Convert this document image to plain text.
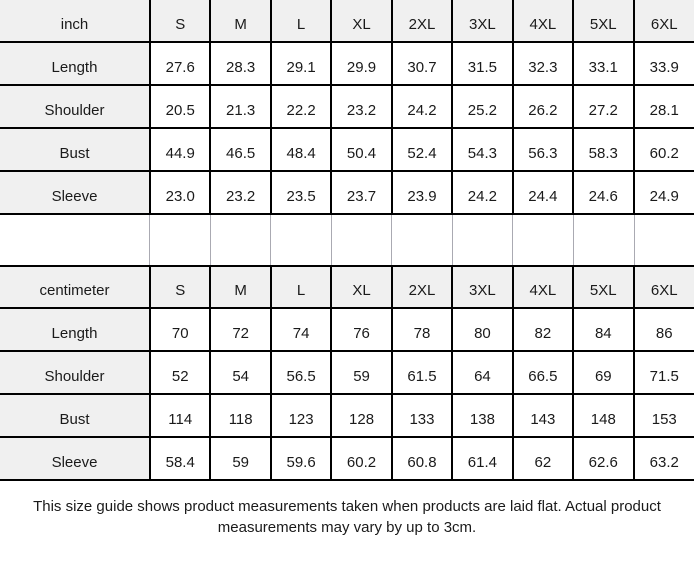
inch	S	M	L	XL	2XL	3XL	4XL	5XL	6XL
Length	27.6	28.3	29.1	29.9	30.7	31.5	32.3	33.1	33.9
Shoulder	20.5	21.3	22.2	23.2	24.2	25.2	26.2	27.2	28.1
Bust	44.9	46.5	48.4	50.4	52.4	54.3	56.3	58.3	60.2
Sleeve	23.0	23.2	23.5	23.7	23.9	24.2	24.4	24.6	24.9
centimeter	S	M	L	XL	2XL	3XL	4XL	5XL	6XL
Length	70	72	74	76	78	80	82	84	86
Shoulder	52	54	56.5	59	61.5	64	66.5	69	71.5
Bust	114	118	123	128	133	138	143	148	153
Sleeve	58.4	59	59.6	60.2	60.8	61.4	62	62.6	63.2

This size guide shows product measurements taken when products are laid flat. Actual product
measurements may vary by up to 3cm.
